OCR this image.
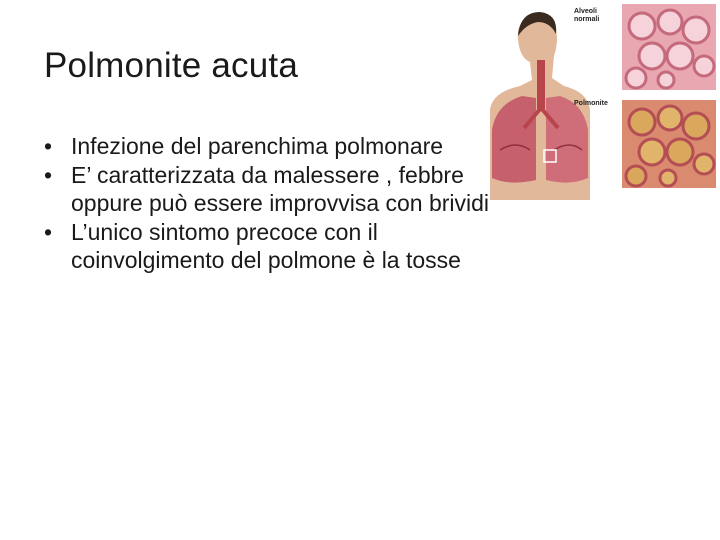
Polmonite acuta
• Infezione del parenchima polmonare
• E’ caratterizzata da malessere , febbre oppure può essere improvvisa con brividi
• L’unico sintomo precoce con il coinvolgimento del polmone è la tosse
Alveoli
normali
Polmonite
